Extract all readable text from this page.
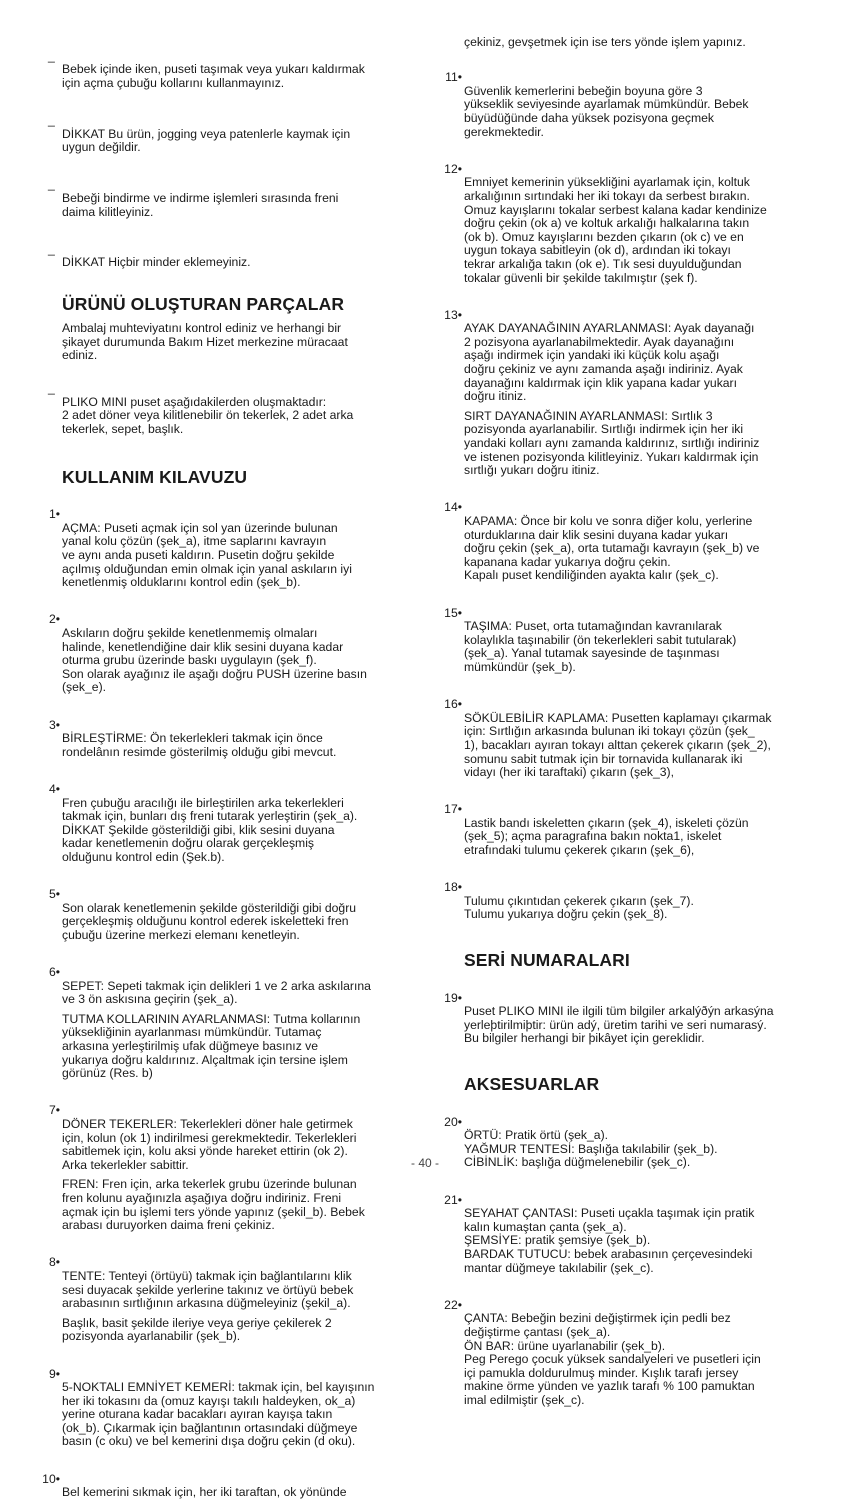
_

Bebek içinde iken, puseti taşımak veya yukarı kaldırmak
için açma çubuğu kollarını kullanmayınız.

_

DİKKAT Bu ürün, jogging veya patenlerle kaymak için
uygun değildir.

_

Bebeği bindirme ve indirme işlemleri sırasında freni
daima kilitleyiniz.

_

DİKKAT Hiçbir minder eklemeyiniz.

ÜRÜNÜ OLUŞTURAN PARÇALAR
Ambalaj muhteviyatını kontrol ediniz ve herhangi bir
şikayet durumunda Bakım Hizet merkezine müracaat
ediniz.

_

PLIKO MINI puset aşağıdakilerden oluşmaktadır:
2 adet döner veya kilitlenebilir ön tekerlek, 2 adet arka
tekerlek, sepet, başlık.

KULLANIM KILAVUZU

1•

AÇMA: Puseti açmak için sol yan üzerinde bulunan
yanal kolu çözün (şek_a), itme saplarını kavrayın
ve aynı anda puseti kaldırın. Pusetin doğru şekilde
açılmış olduğundan emin olmak için yanal askıların iyi
kenetlenmiş olduklarını kontrol edin (şek_b).

2•

Askıların doğru şekilde kenetlenmemiş olmaları
halinde, kenetlendiğine dair klik sesini duyana kadar
oturma grubu üzerinde baskı uygulayın (şek_f).
Son olarak ayağınız ile aşağı doğru PUSH üzerine basın
(şek_e).

3•

BİRLEŞTİRME: Ön tekerlekleri takmak için önce
rondelânın resimde gösterilmiş olduğu gibi mevcut.

4•

Fren çubuğu aracılığı ile birleştirilen arka tekerlekleri
takmak için, bunları dış freni tutarak yerleştirin (şek_a).
DİKKAT Şekilde gösterildiği gibi, klik sesini duyana
kadar kenetlemenin doğru olarak gerçekleşmiş
olduğunu kontrol edin (Şek.b).

5•

Son olarak kenetlemenin şekilde gösterildiği gibi doğru
gerçekleşmiş olduğunu kontrol ederek iskeletteki fren
çubuğu üzerine merkezi elemanı kenetleyin.

6•

SEPET: Sepeti takmak için delikleri 1 ve 2 arka askılarına
ve 3 ön askısına geçirin (şek_a).

TUTMA KOLLARININ AYARLANMASI: Tutma kollarının
yüksekliğinin ayarlanması mümkündür. Tutamaç
arkasına yerleştirilmiş ufak düğmeye basınız ve
yukarıya doğru kaldırınız. Alçaltmak için tersine işlem
görünüz (Res. b)

7•

DÖNER TEKERLER: Tekerlekleri döner hale getirmek
için, kolun (ok 1) indirilmesi gerekmektedir. Tekerlekleri
sabitlemek için, kolu aksi yönde hareket ettirin (ok 2).
Arka tekerlekler sabittir.

FREN: Fren için, arka tekerlek grubu üzerinde bulunan
fren kolunu ayağınızla aşağıya doğru indiriniz. Freni
açmak için bu işlemi ters yönde yapınız (şekil_b). Bebek
arabası duruyorken daima freni çekiniz.

8•

TENTE: Tenteyi (örtüyü) takmak için bağlantılarını klik
sesi duyacak şekilde yerlerine takınız ve örtüyü bebek
arabasının sırtlığının arkasına düğmeleyiniz (şekil_a).

Başlık, basit şekilde ileriye veya geriye çekilerek 2
pozisyonda ayarlanabilir (şek_b).

9•

5-NOKTALI EMNİYET KEMERİ: takmak için, bel kayışının
her iki tokasını da (omuz kayışı takılı haldeyken, ok_a)
yerine oturana kadar bacakları ayıran kayışa takın
(ok_b). Çıkarmak için bağlantının ortasındaki düğmeye
basın (c oku) ve bel kemerini dışa doğru çekin (d oku).

10•

Bel kemerini sıkmak için, her iki taraftan, ok yönünde

çekiniz, gevşetmek için ise ters yönde işlem yapınız.

11•

Güvenlik kemerlerini bebeğin boyuna göre 3
yükseklik seviyesinde ayarlamak mümkündür. Bebek
büyüdüğünde daha yüksek pozisyona geçmek
gerekmektedir.

12•

Emniyet kemerinin yüksekliğini ayarlamak için, koltuk
arkalığının sırtındaki her iki tokayı da serbest bırakın.
Omuz kayışlarını tokalar serbest kalana kadar kendinize
doğru çekin (ok a) ve koltuk arkalığı halkalarına takın
(ok b). Omuz kayışlarını bezden çıkarın (ok c) ve en
uygun tokaya sabitleyin (ok d), ardından iki tokayı
tekrar arkalığa takın (ok e). Tık sesi duyulduğundan
tokalar güvenli bir şekilde takılmıştır (şek f).

13•

AYAK DAYANAĞININ AYARLANMASI: Ayak dayanağı
2 pozisyona ayarlanabilmektedir. Ayak dayanağını
aşağı indirmek için yandaki iki küçük kolu aşağı
doğru çekiniz ve aynı zamanda aşağı indiriniz. Ayak
dayanağını kaldırmak için klik yapana kadar yukarı
doğru itiniz.

SIRT DAYANAĞININ AYARLANMASI: Sırtlık 3
pozisyonda ayarlanabilir. Sırtlığı indirmek için her iki
yandaki kolları aynı zamanda kaldırınız, sırtlığı indiriniz
ve istenen pozisyonda kilitleyiniz. Yukarı kaldırmak için
sırtlığı yukarı doğru itiniz.

14•

KAPAMA: Önce bir kolu ve sonra diğer kolu, yerlerine
oturduklarına dair klik sesini duyana kadar yukarı
doğru çekin (şek_a), orta tutamağı kavrayın (şek_b) ve
kapanana kadar yukarıya doğru çekin.
Kapalı puset kendiliğinden ayakta kalır (şek_c).

15•

TAŞIMA: Puset, orta tutamağından kavranılarak
kolaylıkla taşınabilir (ön tekerlekleri sabit tutularak)
(şek_a). Yanal tutamak sayesinde de taşınması
mümkündür (şek_b).

16•

SÖKÜLEBİLİR KAPLAMA: Pusetten kaplamayı çıkarmak
için: Sırtlığın arkasında bulunan iki tokayı çözün (şek_
1), bacakları ayıran tokayı alttan çekerek çıkarın (şek_2),
somunu sabit tutmak için bir tornavida kullanarak iki
vidayı (her iki taraftaki) çıkarın (şek_3),

17•

Lastik bandı iskeletten çıkarın (şek_4), iskeleti çözün
(şek_5); açma paragrafına bakın nokta1, iskelet
etrafındaki tulumu çekerek çıkarın (şek_6),

18•

Tulumu çıkıntıdan çekerek çıkarın (şek_7).
Tulumu yukarıya doğru çekin (şek_8).

SERİ NUMARALARI

19•

Puset PLIKO MINI ile ilgili tüm bilgiler arkalýðýn arkasýna
yerleþtirilmiþtir: ürün adý, üretim tarihi ve seri numarasý.
Bu bilgiler herhangi bir þikâyet için gereklidir.

AKSESUARLAR

20•

ÖRTÜ: Pratik örtü (şek_a).
YAĞMUR TENTESİ: Başlığa takılabilir (şek_b).
CİBİNLİK: başlığa düğmelenebilir (şek_c).

21•

SEYAHAT ÇANTASI: Puseti uçakla taşımak için pratik
kalın kumaştan çanta (şek_a).
ŞEMSİYE: pratik şemsiye (şek_b).
BARDAK TUTUCU: bebek arabasının çerçevesindeki
mantar düğmeye takılabilir (şek_c).

22•

ÇANTA: Bebeğin bezini değiştirmek için pedli bez
değiştirme çantası (şek_a).
ÖN BAR: ürüne uyarlanabilir (şek_b).
Peg Perego çocuk yüksek sandalyeleri ve pusetleri için
içi pamukla doldurulmuş minder. Kışlık tarafı jersey
makine örme yünden ve yazlık tarafı % 100 pamuktan
imal edilmiştir (şek_c).

- 40 -
